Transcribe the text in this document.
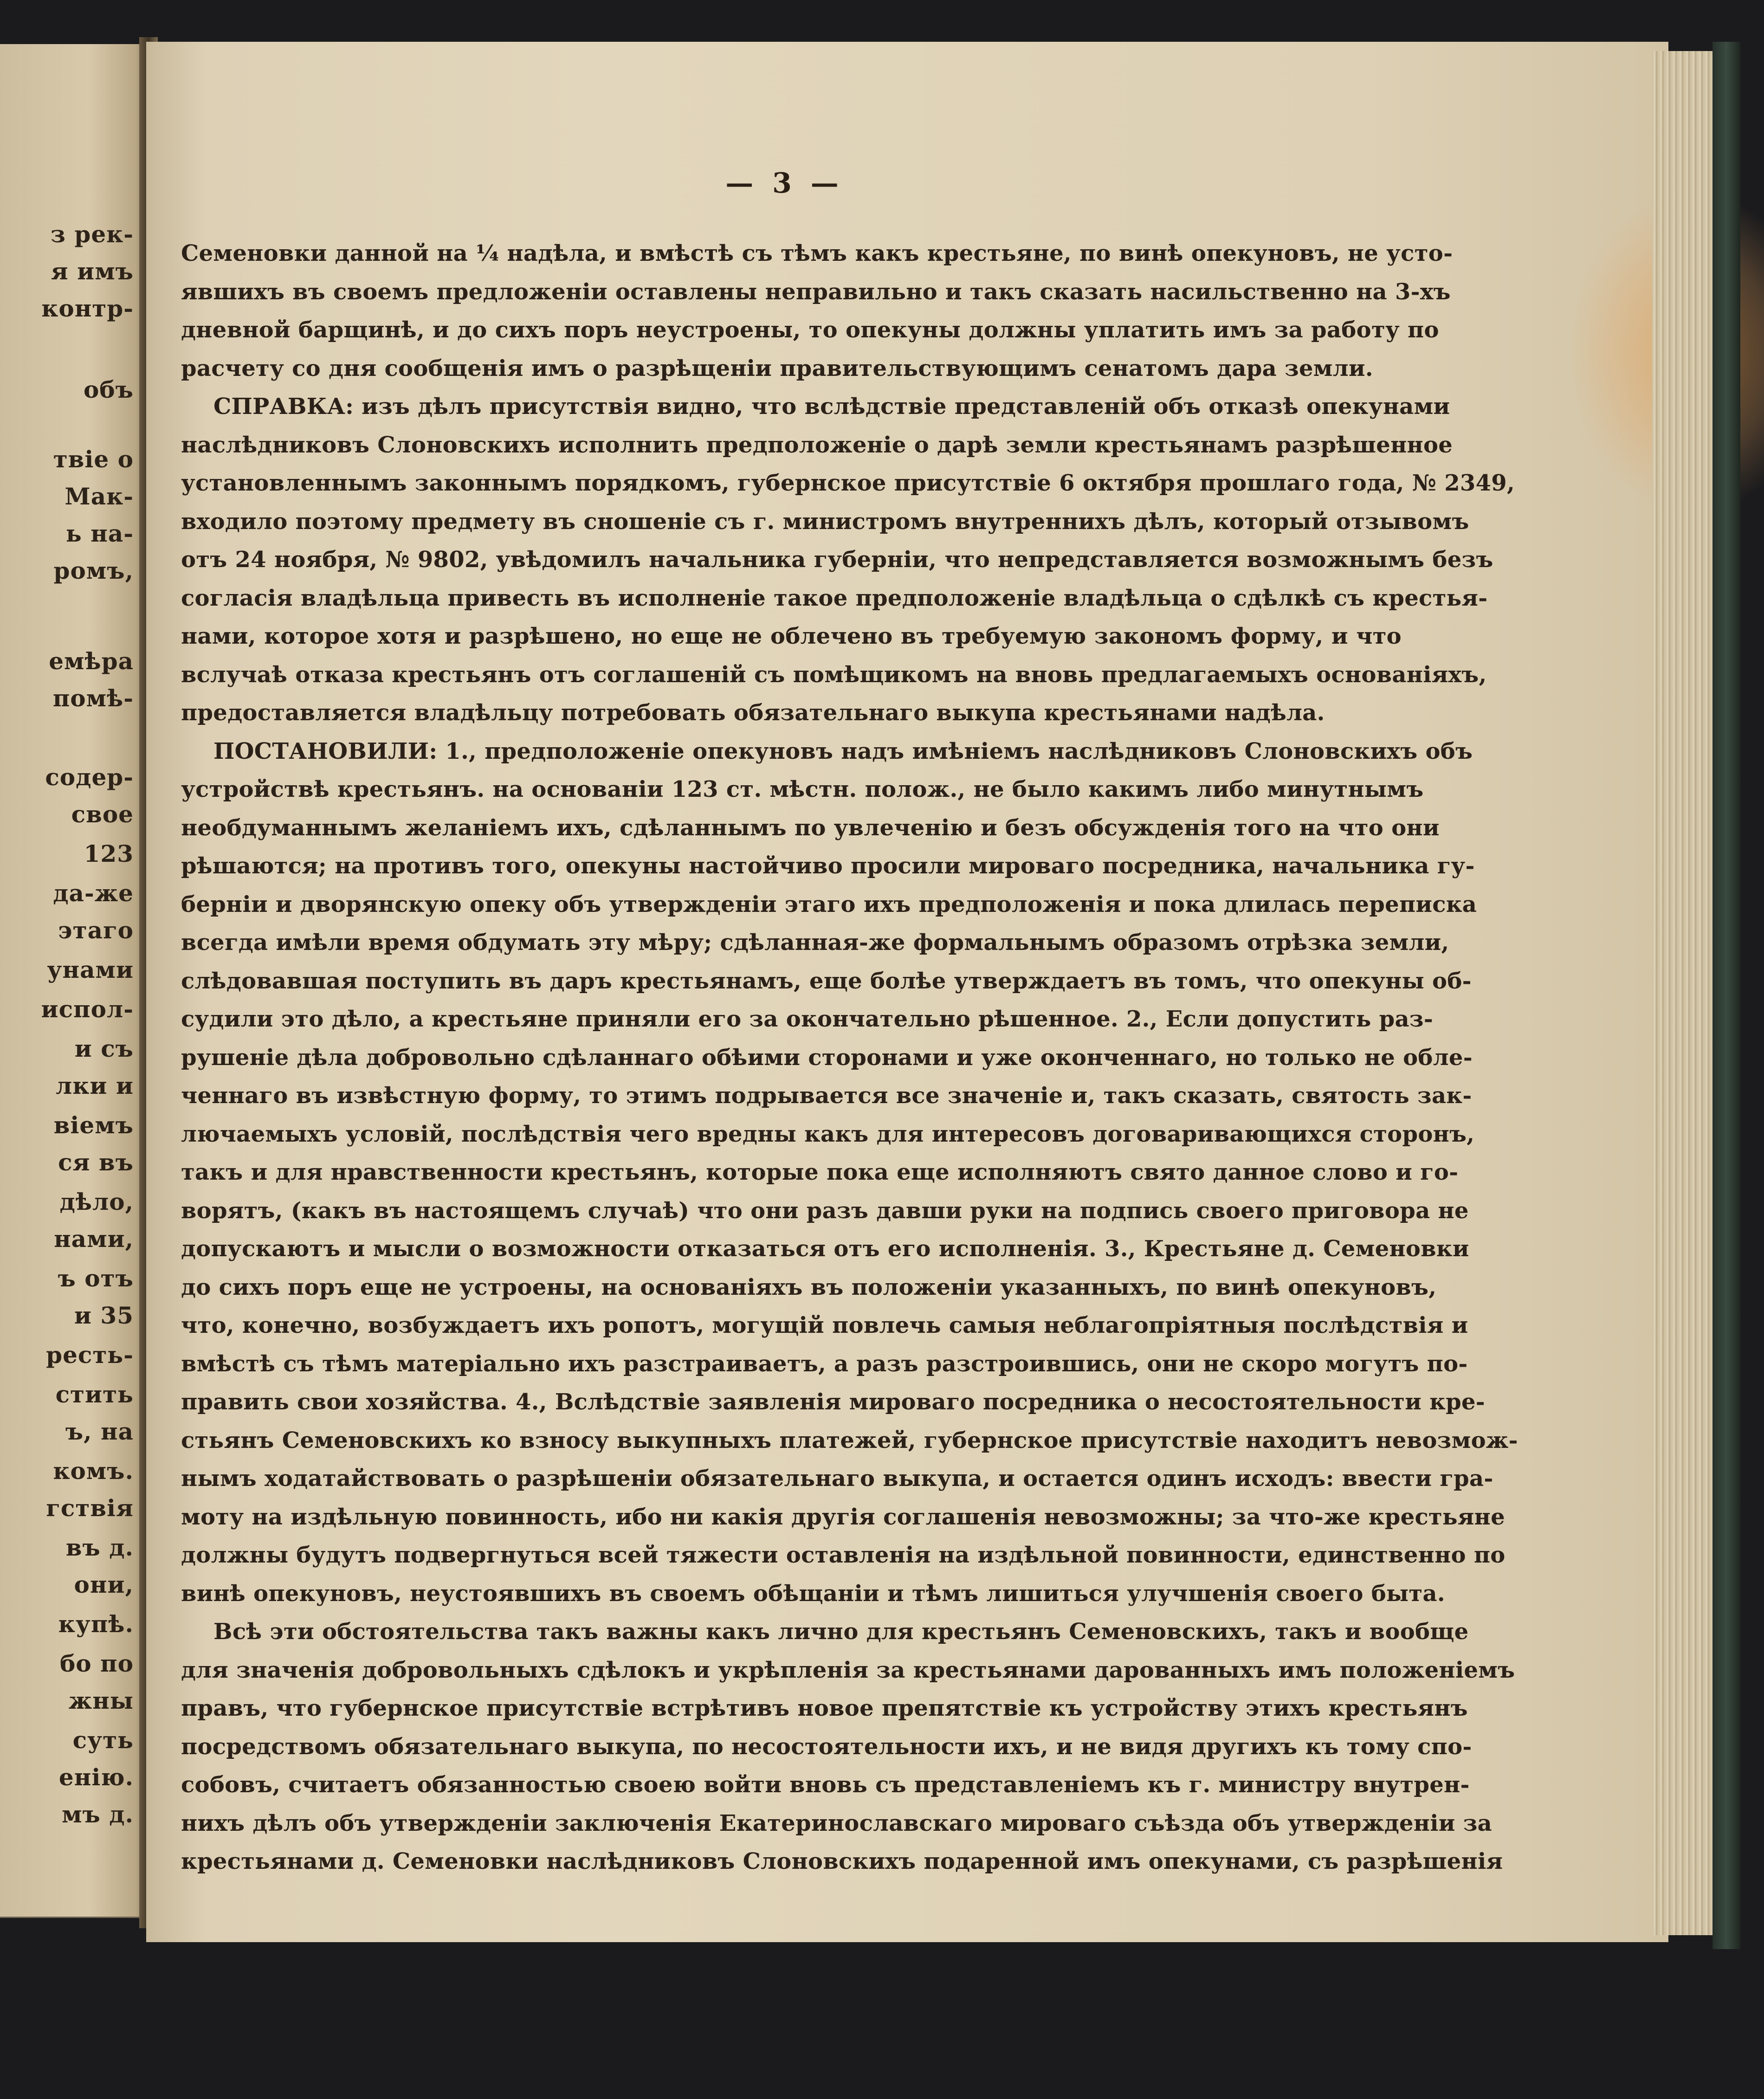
з рек-
я имъ
контр-
объ
твіе о
Мак-
ь на-
ромъ,
емѣра
помѣ-
содер-
свое
123
да-же
этаго
унами
испол-
и съ
лки и
вiемъ
ся въ
дѣло,
нами,
ъ отъ
и 35
ресть-
стить
ъ, на
комъ.
гствія
въ д.
они,
купѣ.
бо по
жны
суть
енію.
мъ д.
— 3 —
Семеновки данной на ¼ надѣла, и вмѣстѣ съ тѣмъ какъ крестьяне, по винѣ опекуновъ, не усто-
явшихъ въ своемъ предложеніи оставлены неправильно и такъ сказать насильственно на 3-хъ
дневной барщинѣ, и до сихъ поръ неустроены, то опекуны должны уплатить имъ за работу по
расчету со дня сообщенія имъ о разрѣщеніи правительствующимъ сенатомъ дара земли.
СПРАВКА: изъ дѣлъ присутствія видно, что вслѣдствіе представленій объ отказѣ опекунами
наслѣдниковъ Слоновскихъ исполнить предположеніе о дарѣ земли крестьянамъ разрѣшенное
установленнымъ законнымъ порядкомъ, губернское присутствіе 6 октября прошлаго года, № 2349,
входило поэтому предмету въ сношеніе съ г. министромъ внутреннихъ дѣлъ, который отзывомъ
отъ 24 ноября, № 9802, увѣдомилъ начальника губерніи, что непредставляется возможнымъ безъ
согласія владѣльца привесть въ исполненіе такое предположеніе владѣльца о сдѣлкѣ съ крестья-
нами, которое хотя и разрѣшено, но еще не облечено въ требуемую закономъ форму, и что
вслучаѣ отказа крестьянъ отъ соглашеній съ помѣщикомъ на вновь предлагаемыхъ основаніяхъ,
предоставляется владѣльцу потребовать обязательнаго выкупа крестьянами надѣла.
ПОСТАНОВИЛИ: 1., предположеніе опекуновъ надъ имѣніемъ наслѣдниковъ Слоновскихъ объ
устройствѣ крестьянъ. на основаніи 123 ст. мѣстн. полож., не было какимъ либо минутнымъ
необдуманнымъ желаніемъ ихъ, сдѣланнымъ по увлеченію и безъ обсужденія того на что они
рѣшаются; на противъ того, опекуны настойчиво просили мироваго посредника, начальника гу-
берніи и дворянскую опеку объ утвержденіи этаго ихъ предположенія и пока длилась переписка
всегда имѣли время обдумать эту мѣру; сдѣланная-же формальнымъ образомъ отрѣзка земли,
слѣдовавшая поступить въ даръ крестьянамъ, еще болѣе утверждаетъ въ томъ, что опекуны об-
судили это дѣло, а крестьяне приняли его за окончательно рѣшенное. 2., Если допустить раз-
рушеніе дѣла добровольно сдѣланнаго обѣими сторонами и уже оконченнаго, но только не обле-
ченнаго въ извѣстную форму, то этимъ подрывается все значеніе и, такъ сказать, святость зак-
лючаемыхъ условій, послѣдствія чего вредны какъ для интересовъ договаривающихся сторонъ,
такъ и для нравственности крестьянъ, которые пока еще исполняютъ свято данное слово и го-
ворятъ, (какъ въ настоящемъ случаѣ) что они разъ давши руки на подпись своего приговора не
допускаютъ и мысли о возможности отказаться отъ его исполненія. 3., Крестьяне д. Семеновки
до сихъ поръ еще не устроены, на основаніяхъ въ положеніи указанныхъ, по винѣ опекуновъ,
что, конечно, возбуждаетъ ихъ ропотъ, могущій повлечь самыя неблагопріятныя послѣдствія и
вмѣстѣ съ тѣмъ матеріально ихъ разстраиваетъ, а разъ разстроившись, они не скоро могутъ по-
править свои хозяйства. 4., Вслѣдствіе заявленія мироваго посредника о несостоятельности кре-
стьянъ Семеновскихъ ко взносу выкупныхъ платежей, губернское присутствіе находитъ невозмож-
нымъ ходатайствовать о разрѣшеніи обязательнаго выкупа, и остается одинъ исходъ: ввести гра-
моту на издѣльную повинность, ибо ни какія другія соглашенія невозможны; за что-же крестьяне
должны будутъ подвергнуться всей тяжести оставленія на издѣльной повинности, единственно по
винѣ опекуновъ, неустоявшихъ въ своемъ обѣщаніи и тѣмъ лишиться улучшенія своего быта.
Всѣ эти обстоятельства такъ важны какъ лично для крестьянъ Семеновскихъ, такъ и вообще
для значенія добровольныхъ сдѣлокъ и укрѣпленія за крестьянами дарованныхъ имъ положеніемъ
правъ, что губернское присутствіе встрѣтивъ новое препятствіе къ устройству этихъ крестьянъ
посредствомъ обязательнаго выкупа, по несостоятельности ихъ, и не видя другихъ къ тому спо-
собовъ, считаетъ обязанностью своею войти вновь съ представленіемъ къ г. министру внутрен-
нихъ дѣлъ объ утвержденіи заключенія Екатеринославскаго мироваго съѣзда объ утвержденіи за
крестьянами д. Семеновки наслѣдниковъ Слоновскихъ подаренной имъ опекунами, съ разрѣшенія
